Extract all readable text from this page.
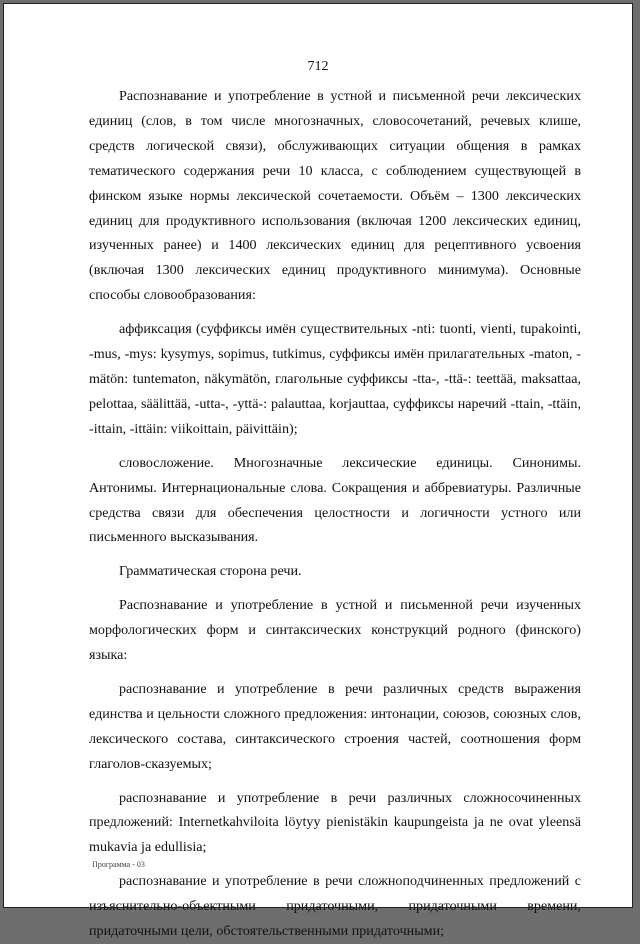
712

Распознавание и употребление в устной и письменной речи лексических единиц (слов, в том числе многозначных, словосочетаний, речевых клише, средств логической связи), обслуживающих ситуации общения в рамках тематического содержания речи 10 класса, с соблюдением существующей в финском языке нормы лексической сочетаемости. Объём – 1300 лексических единиц для продуктивного использования (включая 1200 лексических единиц, изученных ранее) и 1400 лексических единиц для рецептивного усвоения (включая 1300 лексических единиц продуктивного минимума). Основные способы словообразования:

аффиксация (суффиксы имён существительных -nti: tuonti, vienti, tupakointi, -mus, -mys: kysymys, sopimus, tutkimus, суффиксы имён прилагательных -maton, -mätön: tuntematon, näkymätön, глагольные суффиксы -tta-, -ttä-: teettää, maksattaa, pelottaa, säälittää, -utta-, -yttä-: palauttaa, korjauttaa, суффиксы наречий -ttain, -ttäin, -ittain, -ittäin: viikoittain, päivittäin);

словосложение. Многозначные лексические единицы. Синонимы. Антонимы. Интернациональные слова. Сокращения и аббревиатуры. Различные средства связи для обеспечения целостности и логичности устного или письменного высказывания.

Грамматическая сторона речи.

Распознавание и употребление в устной и письменной речи изученных морфологических форм и синтаксических конструкций родного (финского) языка:

распознавание и употребление в речи различных средств выражения единства и цельности сложного предложения: интонации, союзов, союзных слов, лексического состава, синтаксического строения частей, соотношения форм глаголов-сказуемых;

распознавание и употребление в речи различных сложносочиненных предложений: Internetkahviloita löytyy pienistäkin kaupungeista ja ne ovat yleensä mukavia ja edullisia;

распознавание и употребление в речи сложноподчиненных предложений с изъяснительно-объектными придаточными, придаточными времени, придаточными цели, обстоятельственными придаточными;

Программа - 03
